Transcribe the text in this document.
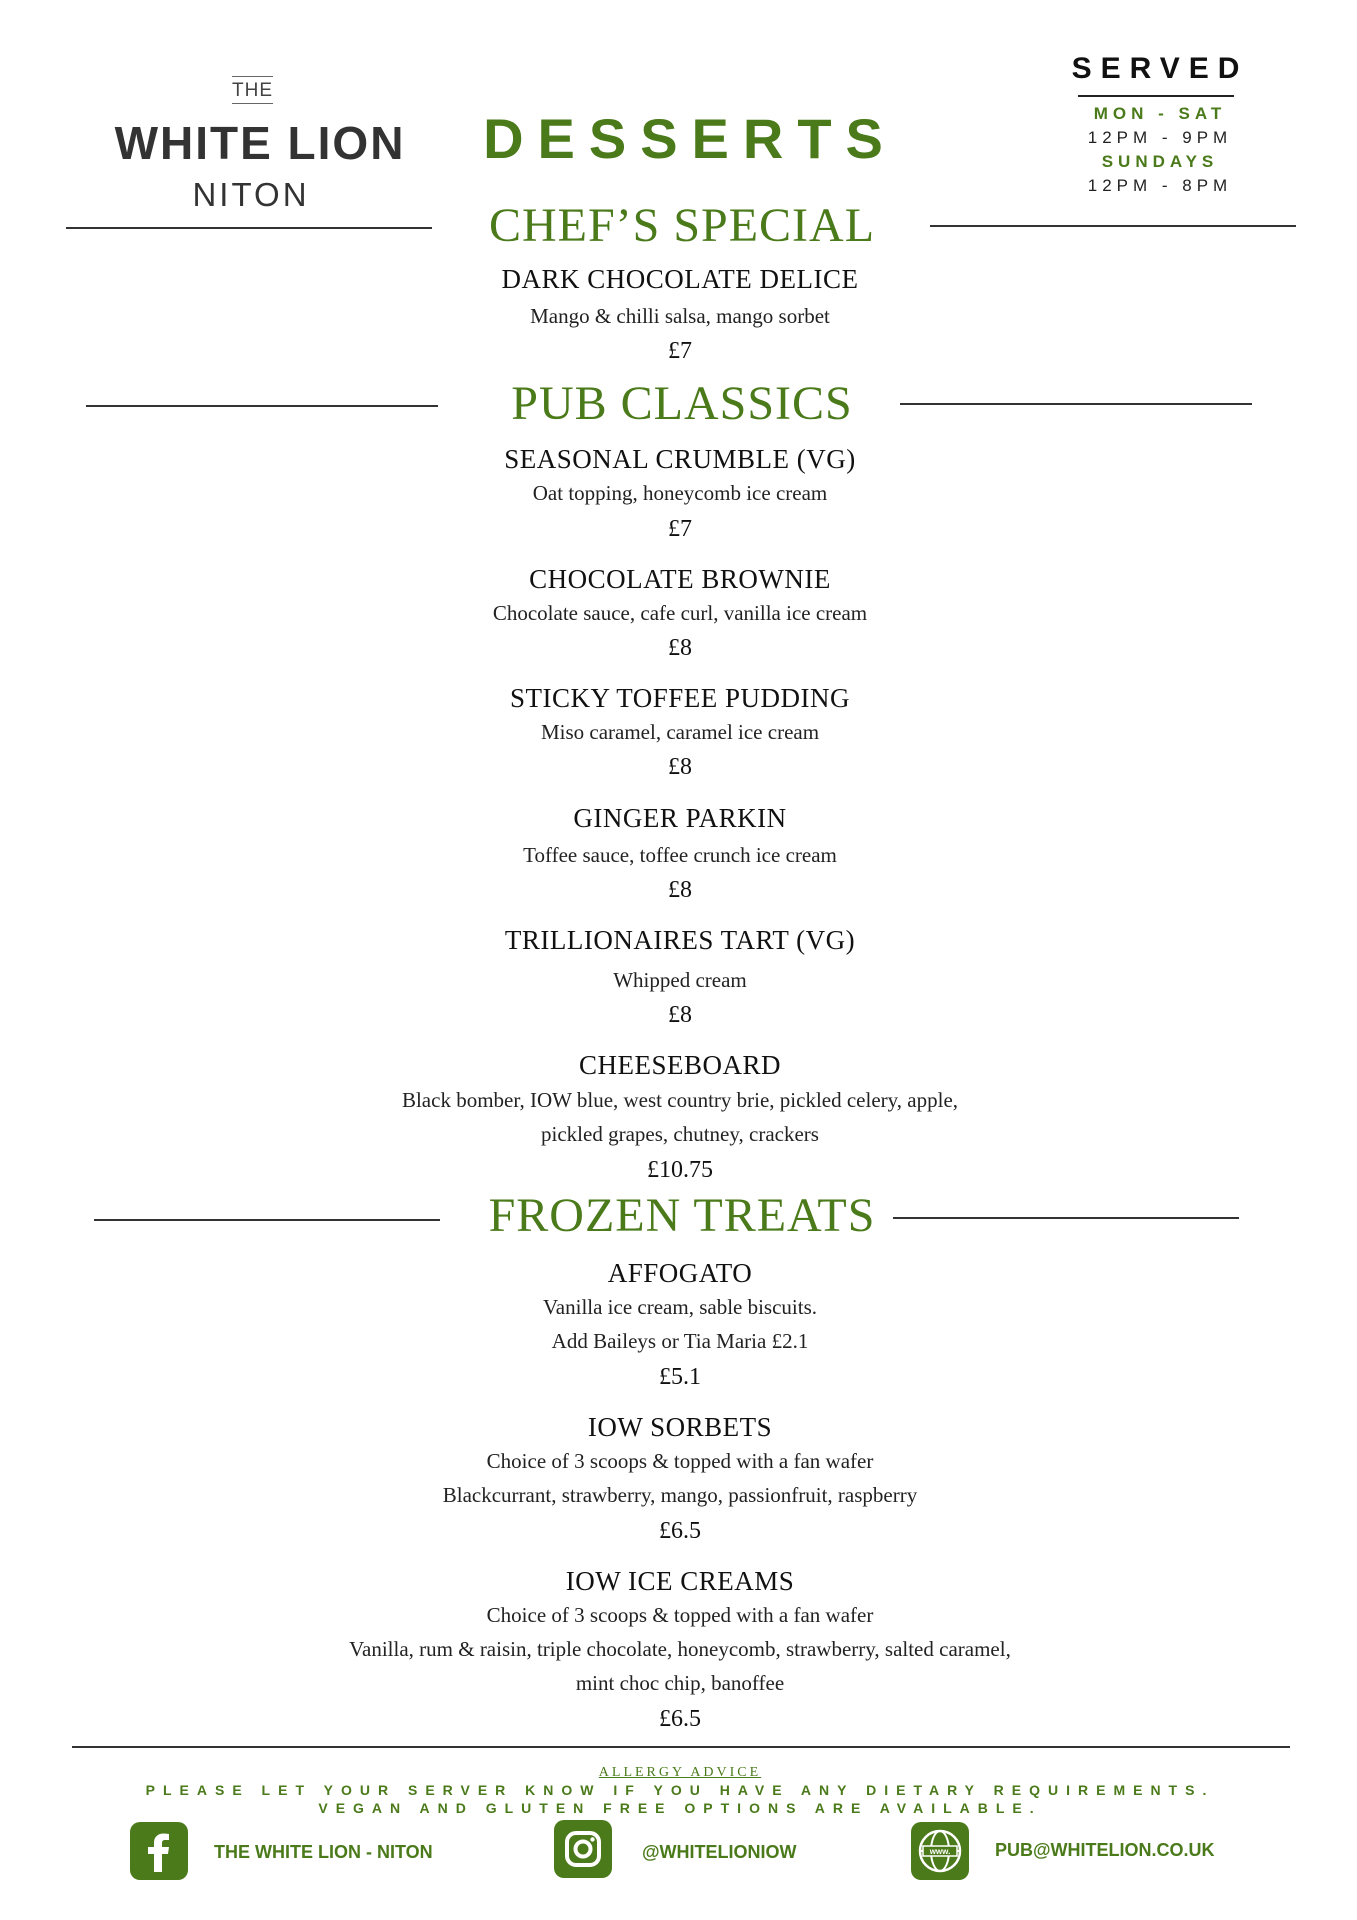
THE
WHITE LION
NITON
DESSERTS
SERVED
MON - SAT
12PM - 9PM
SUNDAYS
12PM - 8PM
CHEF’S SPECIAL
DARK CHOCOLATE DELICE
Mango & chilli salsa, mango sorbet
£7
PUB CLASSICS
SEASONAL CRUMBLE (VG)
Oat topping, honeycomb ice cream
£7
CHOCOLATE BROWNIE
Chocolate sauce, cafe curl, vanilla ice cream
£8
STICKY TOFFEE PUDDING
Miso caramel, caramel ice cream
£8
GINGER PARKIN
Toffee sauce, toffee crunch ice cream
£8
TRILLIONAIRES TART (VG)
Whipped cream
£8
CHEESEBOARD
Black bomber, IOW blue, west country brie, pickled celery, apple,
pickled grapes, chutney, crackers
£10.75
FROZEN TREATS
AFFOGATO
Vanilla ice cream, sable biscuits.
Add Baileys or Tia Maria £2.1
£5.1
IOW SORBETS
Choice of 3 scoops & topped with a fan wafer
Blackcurrant, strawberry, mango, passionfruit, raspberry
£6.5
IOW ICE CREAMS
Choice of 3 scoops & topped with a fan wafer
Vanilla, rum & raisin, triple chocolate, honeycomb, strawberry, salted caramel,
mint choc chip, banoffee
£6.5
ALLERGY ADVICE
PLEASE LET YOUR SERVER KNOW IF YOU HAVE ANY DIETARY REQUIREMENTS.
VEGAN AND GLUTEN FREE OPTIONS ARE AVAILABLE.
THE WHITE LION - NITON	@WHITELIONIOW	www. PUB@WHITELION.CO.UK
